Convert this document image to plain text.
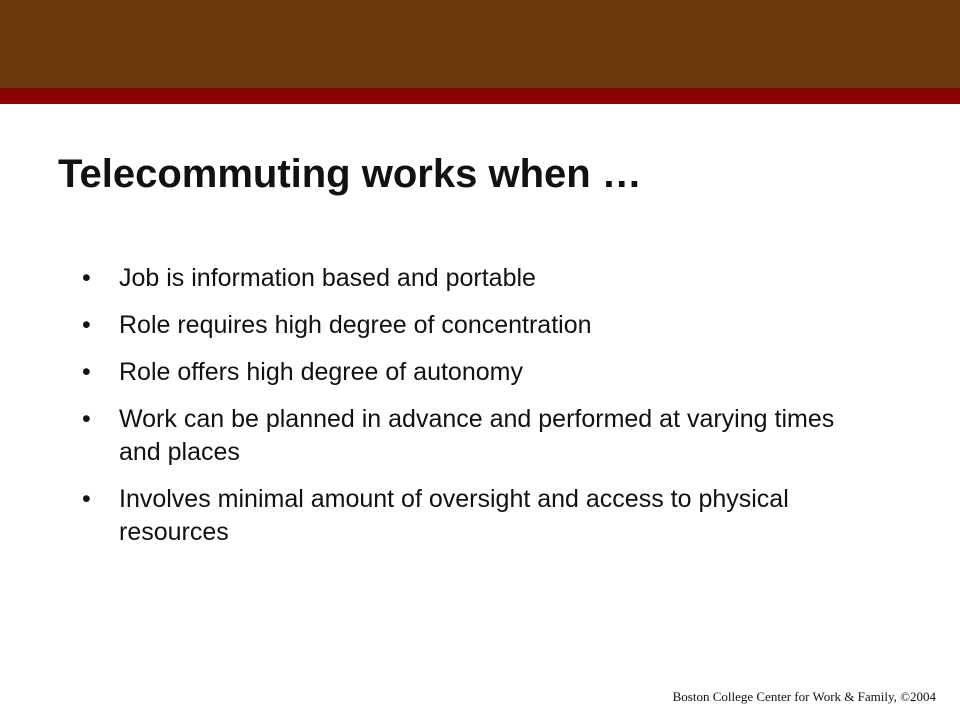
Telecommuting works when …
• Job is information based and portable
• Role requires high degree of concentration
• Role offers high degree of autonomy
• Work can be planned in advance and performed at varying times and places
• Involves minimal amount of oversight and access to physical resources
Boston College Center for Work & Family, ©2004
